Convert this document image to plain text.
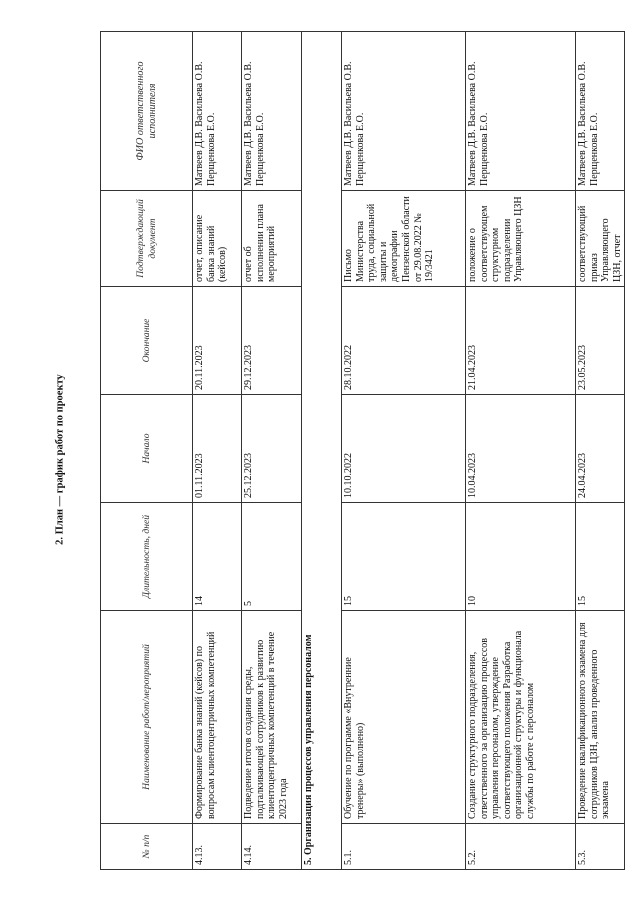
2. План — график работ по проекту
№ п/п	Наименование работ/мероприятий	Длительность, дней	Начало	Окончание	Подтверждающий документ	ФИО ответственного исполнителя
4.13.	Формирование банка знаний (кейсов) по вопросам клиентоцентричных компетенций	14	01.11.2023	20.11.2023	отчет, описание банка знаний (кейсов)	Матвеев Д.В. Васильева О.В. Перщенкова Е.О.
4.14.	Подведение итогов создания среды, подталкивающей сотрудников к развитию клиентоцентричных компетенций в течение 2023 года	5	25.12.2023	29.12.2023	отчет об исполнении плана мероприятий	Матвеев Д.В. Васильева О.В. Перщенкова Е.О.
5. Организация процессов управления персоналом						
5.1.	Обучение по программе «Внутренние тренеры» (выполнено)	15	10.10.2022	28.10.2022	Письмо Министерства труда, социальной защиты и демографии Пензенской области от 29.08.2022 № 19/3421	Матвеев Д.В. Васильева О.В. Перщенкова Е.О.
5.2.	Создание структурного подразделения, ответственного за организацию процессов управления персоналом, утверждение соответствующего положения Разработка организационной структуры и функционала службы по работе с персоналом	10	10.04.2023	21.04.2023	положение о соответствующем структурном подразделении Управляющего ЦЗН	Матвеев Д.В. Васильева О.В. Перщенкова Е.О.
5.3.	Проведение квалификационного экзамена для сотрудников ЦЗН, анализ проведенного экзамена	15	24.04.2023	23.05.2023	соответствующий приказ Управляющего ЦЗН, отчет	Матвеев Д.В. Васильева О.В. Перщенкова Е.О.
